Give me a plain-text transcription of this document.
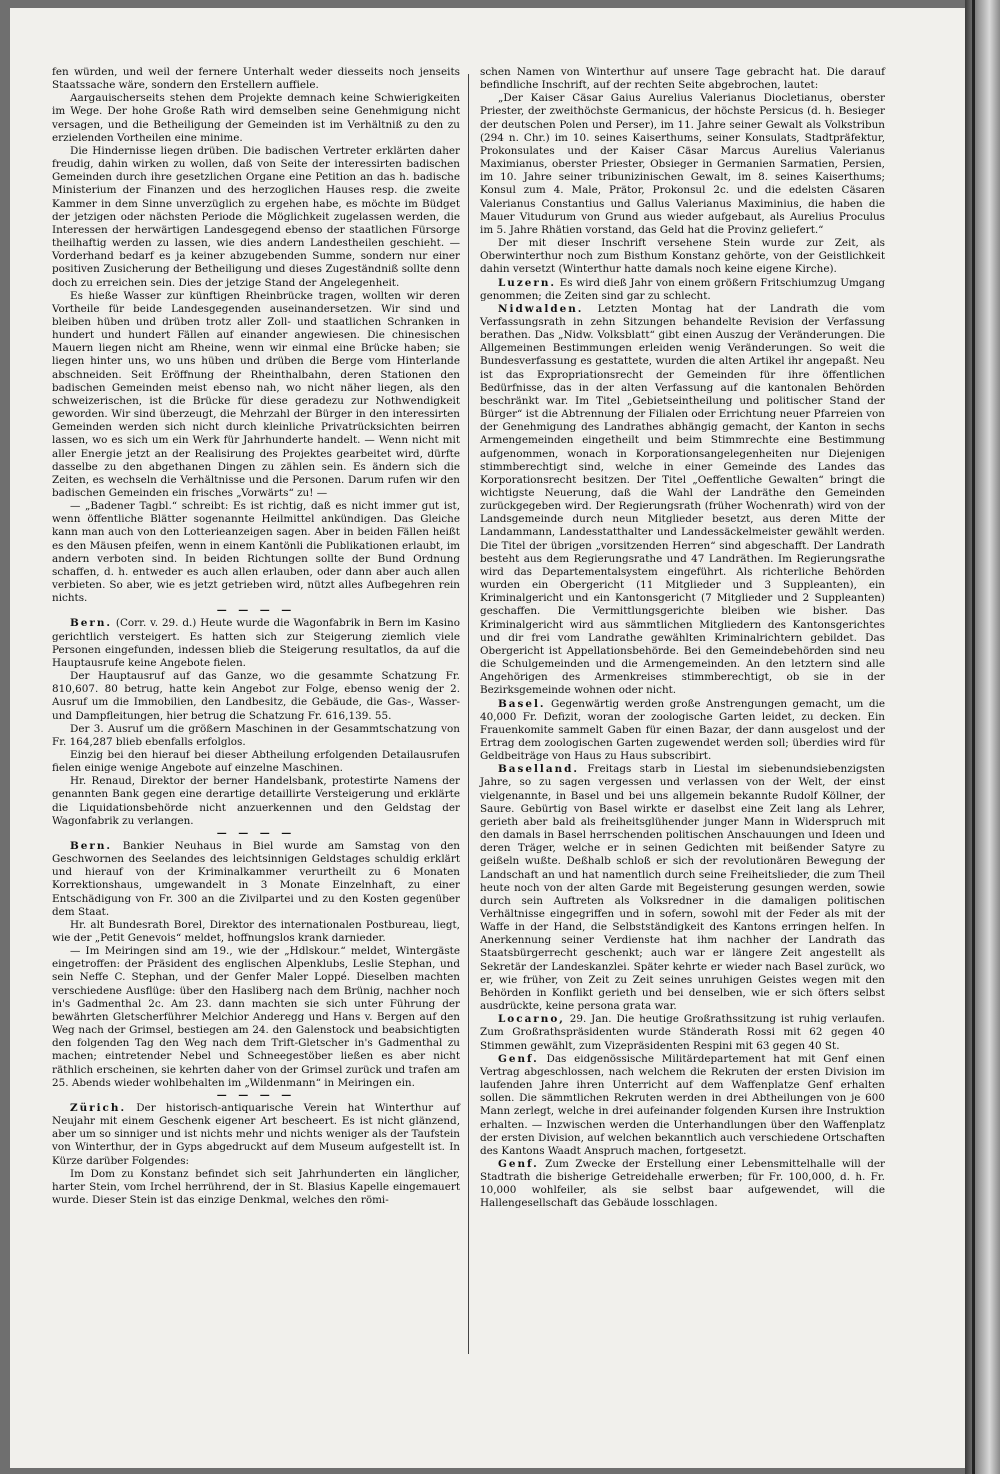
fen würden, und weil der fernere Unterhalt weder diesseits noch jenseits Staatssache wäre, sondern den Erstellern auffiele.

Aargauischerseits stehen dem Projekte demnach keine Schwierigkeiten im Wege. Der hohe Große Rath wird demselben seine Genehmigung nicht versagen, und die Betheiligung der Gemeinden ist im Verhältniß zu den zu erzielenden Vortheilen eine minime.

Die Hindernisse liegen drüben. Die badischen Vertreter erklärten daher freudig, dahin wirken zu wollen, daß von Seite der interessirten badischen Gemeinden durch ihre gesetzlichen Organe eine Petition an das h. badische Ministerium der Finanzen und des herzoglichen Hauses resp. die zweite Kammer in dem Sinne unverzüglich zu ergehen habe, es möchte im Büdget der jetzigen oder nächsten Periode die Möglichkeit zugelassen werden, die Interessen der herwärtigen Landesgegend ebenso der staatlichen Fürsorge theilhaftig werden zu lassen, wie dies andern Landestheilen geschieht. — Vorderhand bedarf es ja keiner abzugebenden Summe, sondern nur einer positiven Zusicherung der Betheiligung und dieses Zugeständniß sollte denn doch zu erreichen sein. Dies der jetzige Stand der Angelegenheit.

Es hieße Wasser zur künftigen Rheinbrücke tragen, wollten wir deren Vortheile für beide Landesgegenden auseinandersetzen. Wir sind und bleiben hüben und drüben trotz aller Zoll- und staatlichen Schranken in hundert und hundert Fällen auf einander angewiesen. Die chinesischen Mauern liegen nicht am Rheine, wenn wir einmal eine Brücke haben; sie liegen hinter uns, wo uns hüben und drüben die Berge vom Hinterlande abschneiden. Seit Eröffnung der Rheinthalbahn, deren Stationen den badischen Gemeinden meist ebenso nah, wo nicht näher liegen, als den schweizerischen, ist die Brücke für diese geradezu zur Nothwendigkeit geworden. Wir sind überzeugt, die Mehrzahl der Bürger in den interessirten Gemeinden werden sich nicht durch kleinliche Privatrücksichten beirren lassen, wo es sich um ein Werk für Jahrhunderte handelt. — Wenn nicht mit aller Energie jetzt an der Realisirung des Projektes gearbeitet wird, dürfte dasselbe zu den abgethanen Dingen zu zählen sein. Es ändern sich die Zeiten, es wechseln die Verhältnisse und die Personen. Darum rufen wir den badischen Gemeinden ein frisches „Vorwärts“ zu! —

— „Badener Tagbl.“ schreibt: Es ist richtig, daß es nicht immer gut ist, wenn öffentliche Blätter sogenannte Heilmittel ankündigen. Das Gleiche kann man auch von den Lotterieanzeigen sagen. Aber in beiden Fällen heißt es den Mäusen pfeifen, wenn in einem Kantönli die Publikationen erlaubt, im andern verboten sind. In beiden Richtungen sollte der Bund Ordnung schaffen, d. h. entweder es auch allen erlauben, oder dann aber auch allen verbieten. So aber, wie es jetzt getrieben wird, nützt alles Aufbegehren rein nichts.

— — — —

Bern. (Corr. v. 29. d.) Heute wurde die Wagonfabrik in Bern im Kasino gerichtlich versteigert. Es hatten sich zur Steigerung ziemlich viele Personen eingefunden, indessen blieb die Steigerung resultatlos, da auf die Hauptausrufe keine Angebote fielen.

Der Hauptausruf auf das Ganze, wo die gesammte Schatzung Fr. 810,607. 80 betrug, hatte kein Angebot zur Folge, ebenso wenig der 2. Ausruf um die Immobilien, den Landbesitz, die Gebäude, die Gas-, Wasser- und Dampfleitungen, hier betrug die Schatzung Fr. 616,139. 55.

Der 3. Ausruf um die größern Maschinen in der Gesammtschatzung von Fr. 164,287 blieb ebenfalls erfolglos.

Einzig bei den hierauf bei dieser Abtheilung erfolgenden Detailausrufen fielen einige wenige Angebote auf einzelne Maschinen.

Hr. Renaud, Direktor der berner Handelsbank, protestirte Namens der genannten Bank gegen eine derartige detaillirte Versteigerung und erklärte die Liquidationsbehörde nicht anzuerkennen und den Geldstag der Wagonfabrik zu verlangen.

— — — —

Bern. Bankier Neuhaus in Biel wurde am Samstag von den Geschwornen des Seelandes des leichtsinnigen Geldstages schuldig erklärt und hierauf von der Kriminalkammer verurtheilt zu 6 Monaten Korrektionshaus, umgewandelt in 3 Monate Einzelnhaft, zu einer Entschädigung von Fr. 300 an die Zivilpartei und zu den Kosten gegenüber dem Staat.

Hr. alt Bundesrath Borel, Direktor des internationalen Postbureau, liegt, wie der „Petit Genevois“ meldet, hoffnungslos krank darnieder.

— Im Meiringen sind am 19., wie der „Hdlskour.“ meldet, Wintergäste eingetroffen: der Präsident des englischen Alpenklubs, Leslie Stephan, und sein Neffe C. Stephan, und der Genfer Maler Loppé. Dieselben machten verschiedene Ausflüge: über den Hasliberg nach dem Brünig, nachher noch in's Gadmenthal 2c. Am 23. dann machten sie sich unter Führung der bewährten Gletscherführer Melchior Anderegg und Hans v. Bergen auf den Weg nach der Grimsel, bestiegen am 24. den Galenstock und beabsichtigten den folgenden Tag den Weg nach dem Trift-Gletscher in's Gadmenthal zu machen; eintretender Nebel und Schneegestöber ließen es aber nicht räthlich erscheinen, sie kehrten daher von der Grimsel zurück und trafen am 25. Abends wieder wohlbehalten im „Wildenmann“ in Meiringen ein.

— — — —

Zürich. Der historisch-antiquarische Verein hat Winterthur auf Neujahr mit einem Geschenk eigener Art bescheert. Es ist nicht glänzend, aber um so sinniger und ist nichts mehr und nichts weniger als der Taufstein von Winterthur, der in Gyps abgedruckt auf dem Museum aufgestellt ist. In Kürze darüber Folgendes:

Im Dom zu Konstanz befindet sich seit Jahrhunderten ein länglicher, harter Stein, vom Irchel herrührend, der in St. Blasius Kapelle eingemauert wurde. Dieser Stein ist das einzige Denkmal, welches den römi-

schen Namen von Winterthur auf unsere Tage gebracht hat. Die darauf befindliche Inschrift, auf der rechten Seite abgebrochen, lautet:

„Der Kaiser Cäsar Gaius Aurelius Valerianus Diocletianus, oberster Priester, der zweithöchste Germanicus, der höchste Persicus (d. h. Besieger der deutschen Polen und Perser), im 11. Jahre seiner Gewalt als Volkstribun (294 n. Chr.) im 10. seines Kaiserthums, seiner Konsulats, Stadtpräfektur, Prokonsulates und der Kaiser Cäsar Marcus Aurelius Valerianus Maximianus, oberster Priester, Obsieger in Germanien Sarmatien, Persien, im 10. Jahre seiner tribunizinischen Gewalt, im 8. seines Kaiserthums; Konsul zum 4. Male, Prätor, Prokonsul 2c. und die edelsten Cäsaren Valerianus Constantius und Gallus Valerianus Maximinius, die haben die Mauer Vitudurum von Grund aus wieder aufgebaut, als Aurelius Proculus im 5. Jahre Rhätien vorstand, das Geld hat die Provinz geliefert.“

Der mit dieser Inschrift versehene Stein wurde zur Zeit, als Oberwinterthur noch zum Bisthum Konstanz gehörte, von der Geistlichkeit dahin versetzt (Winterthur hatte damals noch keine eigene Kirche).

Luzern. Es wird dieß Jahr von einem größern Fritschiumzug Umgang genommen; die Zeiten sind gar zu schlecht.

Nidwalden. Letzten Montag hat der Landrath die vom Verfassungsrath in zehn Sitzungen behandelte Revision der Verfassung berathen. Das „Nidw. Volksblatt“ gibt einen Auszug der Veränderungen. Die Allgemeinen Bestimmungen erleiden wenig Veränderungen. So weit die Bundesverfassung es gestattete, wurden die alten Artikel ihr angepaßt. Neu ist das Expropriationsrecht der Gemeinden für ihre öffentlichen Bedürfnisse, das in der alten Verfassung auf die kantonalen Behörden beschränkt war. Im Titel „Gebietseintheilung und politischer Stand der Bürger“ ist die Abtrennung der Filialen oder Errichtung neuer Pfarreien von der Genehmigung des Landrathes abhängig gemacht, der Kanton in sechs Armengemeinden eingetheilt und beim Stimmrechte eine Bestimmung aufgenommen, wonach in Korporationsangelegenheiten nur Diejenigen stimmberechtigt sind, welche in einer Gemeinde des Landes das Korporationsrecht besitzen. Der Titel „Oeffentliche Gewalten“ bringt die wichtigste Neuerung, daß die Wahl der Landräthe den Gemeinden zurückgegeben wird. Der Regierungsrath (früher Wochenrath) wird von der Landsgemeinde durch neun Mitglieder besetzt, aus deren Mitte der Landammann, Landesstatthalter und Landessäckelmeister gewählt werden. Die Titel der übrigen „vorsitzenden Herren“ sind abgeschafft. Der Landrath besteht aus dem Regierungsrathe und 47 Landräthen. Im Regierungsrathe wird das Departementalsystem eingeführt. Als richterliche Behörden wurden ein Obergericht (11 Mitglieder und 3 Suppleanten), ein Kriminalgericht und ein Kantonsgericht (7 Mitglieder und 2 Suppleanten) geschaffen. Die Vermittlungsgerichte bleiben wie bisher. Das Kriminalgericht wird aus sämmtlichen Mitgliedern des Kantonsgerichtes und dir frei vom Landrathe gewählten Kriminalrichtern gebildet. Das Obergericht ist Appellationsbehörde. Bei den Gemeindebehörden sind neu die Schulgemeinden und die Armengemeinden. An den letztern sind alle Angehörigen des Armenkreises stimmberechtigt, ob sie in der Bezirksgemeinde wohnen oder nicht.

Basel. Gegenwärtig werden große Anstrengungen gemacht, um die 40,000 Fr. Defizit, woran der zoologische Garten leidet, zu decken. Ein Frauenkomite sammelt Gaben für einen Bazar, der dann ausgelost und der Ertrag dem zoologischen Garten zugewendet werden soll; überdies wird für Geldbeiträge von Haus zu Haus subscribirt.

Baselland. Freitags starb in Liestal im siebenundsiebenzigsten Jahre, so zu sagen vergessen und verlassen von der Welt, der einst vielgenannte, in Basel und bei uns allgemein bekannte Rudolf Köllner, der Saure. Gebürtig von Basel wirkte er daselbst eine Zeit lang als Lehrer, gerieth aber bald als freiheitsglühender junger Mann in Widerspruch mit den damals in Basel herrschenden politischen Anschauungen und Ideen und deren Träger, welche er in seinen Gedichten mit beißender Satyre zu geißeln wußte. Deßhalb schloß er sich der revolutionären Bewegung der Landschaft an und hat namentlich durch seine Freiheitslieder, die zum Theil heute noch von der alten Garde mit Begeisterung gesungen werden, sowie durch sein Auftreten als Volksredner in die damaligen politischen Verhältnisse eingegriffen und in sofern, sowohl mit der Feder als mit der Waffe in der Hand, die Selbstständigkeit des Kantons erringen helfen. In Anerkennung seiner Verdienste hat ihm nachher der Landrath das Staatsbürgerrecht geschenkt; auch war er längere Zeit angestellt als Sekretär der Landeskanzlei. Später kehrte er wieder nach Basel zurück, wo er, wie früher, von Zeit zu Zeit seines unruhigen Geistes wegen mit den Behörden in Konflikt gerieth und bei denselben, wie er sich öfters selbst ausdrückte, keine persona grata war.

Locarno, 29. Jan. Die heutige Großrathssitzung ist ruhig verlaufen. Zum Großrathspräsidenten wurde Ständerath Rossi mit 62 gegen 40 Stimmen gewählt, zum Vizepräsidenten Respini mit 63 gegen 40 St.

Genf. Das eidgenössische Militärdepartement hat mit Genf einen Vertrag abgeschlossen, nach welchem die Rekruten der ersten Division im laufenden Jahre ihren Unterricht auf dem Waffenplatze Genf erhalten sollen. Die sämmtlichen Rekruten werden in drei Abtheilungen von je 600 Mann zerlegt, welche in drei aufeinander folgenden Kursen ihre Instruktion erhalten. — Inzwischen werden die Unterhandlungen über den Waffenplatz der ersten Division, auf welchen bekanntlich auch verschiedene Ortschaften des Kantons Waadt Anspruch machen, fortgesetzt.

Genf. Zum Zwecke der Erstellung einer Lebensmittelhalle will der Stadtrath die bisherige Getreidehalle erwerben; für Fr. 100,000, d. h. Fr. 10,000 wohlfeiler, als sie selbst baar aufgewendet, will die Hallengesellschaft das Gebäude losschlagen.
